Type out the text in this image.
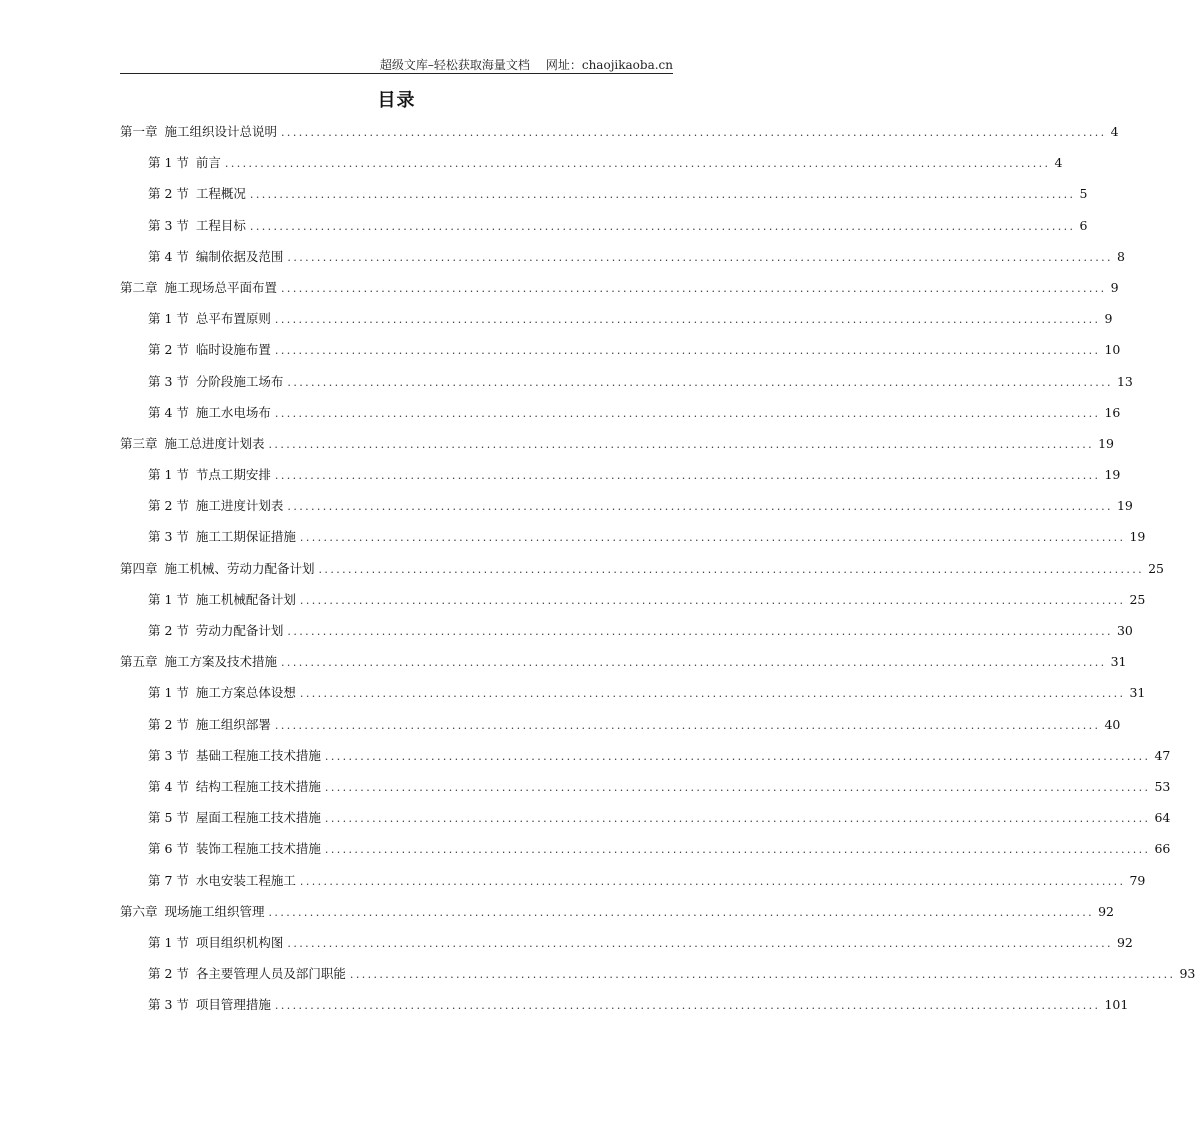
超级文库–轻松获取海量文档 网址：chaojikaoba.cn
目录
第一章 施工组织设计总说明 ............................................................................................................................................ 4
第 1 节 前言 ............................................................................................................................................ 4
第 2 节 工程概况 ............................................................................................................................................ 5
第 3 节 工程目标 ............................................................................................................................................ 6
第 4 节 编制依据及范围 ............................................................................................................................................ 8
第二章 施工现场总平面布置 ............................................................................................................................................ 9
第 1 节 总平布置原则 ............................................................................................................................................ 9
第 2 节 临时设施布置 ............................................................................................................................................ 10
第 3 节 分阶段施工场布 ............................................................................................................................................ 13
第 4 节 施工水电场布 ............................................................................................................................................ 16
第三章 施工总进度计划表 ............................................................................................................................................ 19
第 1 节 节点工期安排 ............................................................................................................................................ 19
第 2 节 施工进度计划表 ............................................................................................................................................ 19
第 3 节 施工工期保证措施 ............................................................................................................................................ 19
第四章 施工机械、劳动力配备计划 ............................................................................................................................................ 25
第 1 节 施工机械配备计划 ............................................................................................................................................ 25
第 2 节 劳动力配备计划 ............................................................................................................................................ 30
第五章 施工方案及技术措施 ............................................................................................................................................ 31
第 1 节 施工方案总体设想 ............................................................................................................................................ 31
第 2 节 施工组织部署 ............................................................................................................................................ 40
第 3 节 基础工程施工技术措施 ............................................................................................................................................ 47
第 4 节 结构工程施工技术措施 ............................................................................................................................................ 53
第 5 节 屋面工程施工技术措施 ............................................................................................................................................ 64
第 6 节 装饰工程施工技术措施 ............................................................................................................................................ 66
第 7 节 水电安装工程施工 ............................................................................................................................................ 79
第六章 现场施工组织管理 ............................................................................................................................................ 92
第 1 节 项目组织机构图 ............................................................................................................................................ 92
第 2 节 各主要管理人员及部门职能 ............................................................................................................................................ 93
第 3 节 项目管理措施 ............................................................................................................................................ 101
